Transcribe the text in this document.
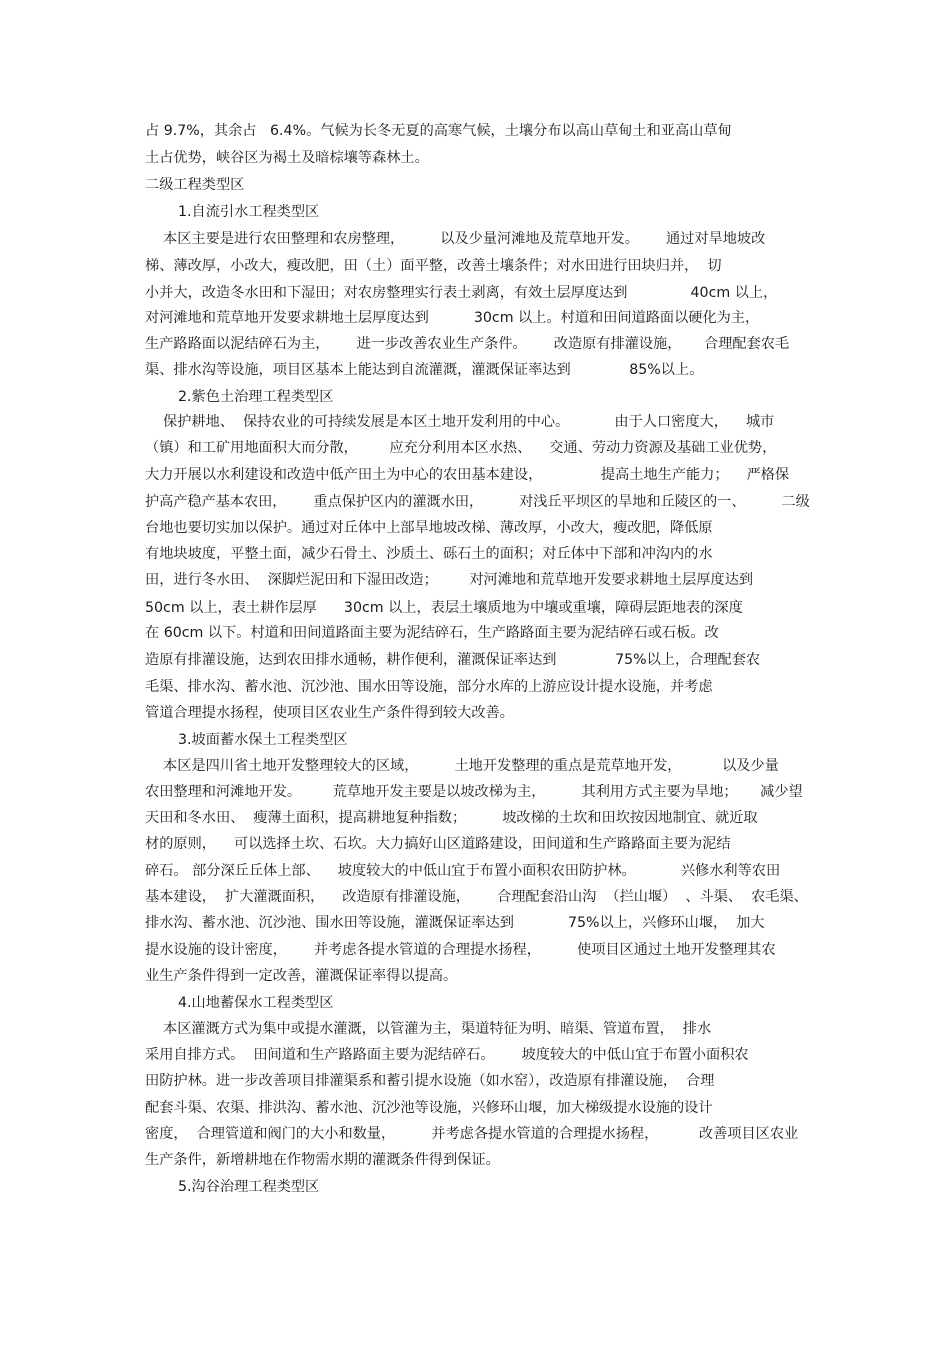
占 9.7%，其余占   6.4%。气候为长冬无夏的高寒气候，土壤分布以高山草甸土和亚高山草甸
土占优势，峡谷区为褐土及暗棕壤等森林土。
二级工程类型区
1.自流引水工程类型区
本区主要是进行农田整理和农房整理，        以及少量河滩地及荒草地开发。      通过对旱地坡改
梯、薄改厚，小改大，瘦改肥，田（土）面平整，改善土壤条件；对水田进行田块归并，  切
小并大，改造冬水田和下湿田；对农房整理实行表土剥离，有效土层厚度达到              40cm 以上，
对河滩地和荒草地开发要求耕地土层厚度达到          30cm 以上。村道和田间道路面以硬化为主，
生产路路面以泥结碎石为主，      进一步改善农业生产条件。      改造原有排灌设施，     合理配套农毛
渠、排水沟等设施，项目区基本上能达到自流灌溉，灌溉保证率达到             85%以上。
2.紫色土治理工程类型区
保护耕地、  保持农业的可持续发展是本区土地开发利用的中心。          由于人口密度大，    城市
（镇）和工矿用地面积大而分散，       应充分利用本区水热、    交通、劳动力资源及基础工业优势，
大力开展以水利建设和改造中低产田土为中心的农田基本建设，             提高土地生产能力；    严格保
护高产稳产基本农田，      重点保护区内的灌溉水田，        对浅丘平坝区的旱地和丘陵区的一、        二级
台地也要切实加以保护。通过对丘体中上部旱地坡改梯、薄改厚，小改大，瘦改肥，降低原
有地块坡度，平整土面，减少石骨土、沙质土、砾石土的面积；对丘体中下部和冲沟内的水
田，进行冬水田、  深脚烂泥田和下湿田改造；       对河滩地和荒草地开发要求耕地土层厚度达到
50cm 以上，表土耕作层厚      30cm 以上，表层土壤质地为中壤或重壤，障碍层距地表的深度
在 60cm 以下。村道和田间道路面主要为泥结碎石，生产路路面主要为泥结碎石或石板。改
造原有排灌设施，达到农田排水通畅，耕作便利，灌溉保证率达到             75%以上，合理配套农
毛渠、排水沟、蓄水池、沉沙池、围水田等设施，部分水库的上游应设计提水设施，并考虑
管道合理提水扬程，使项目区农业生产条件得到较大改善。
3.坡面蓄水保土工程类型区
本区是四川省土地开发整理较大的区域，        土地开发整理的重点是荒草地开发，         以及少量
农田整理和河滩地开发。       荒草地开发主要是以坡改梯为主，        其利用方式主要为旱地；     减少望
天田和冬水田、  瘦薄土面积，提高耕地复种指数；        坡改梯的土坎和田坎按因地制宜、就近取
材的原则，    可以选择土坎、石坎。大力搞好山区道路建设，田间道和生产路路面主要为泥结
碎石。 部分深丘丘体上部、    坡度较大的中低山宜于布置小面积农田防护林。          兴修水利等农田
基本建设，  扩大灌溉面积，    改造原有排灌设施，      合理配套沿山沟  （拦山堰）  、斗渠、  农毛渠、
排水沟、蓄水池、沉沙池、围水田等设施，灌溉保证率达到            75%以上，兴修环山堰，  加大
提水设施的设计密度，      并考虑各提水管道的合理提水扬程，        使项目区通过土地开发整理其农
业生产条件得到一定改善，灌溉保证率得以提高。
4.山地蓄保水工程类型区
本区灌溉方式为集中或提水灌溉，以管灌为主，渠道特征为明、暗渠、管道布置，  排水
采用自排方式。  田间道和生产路路面主要为泥结碎石。      坡度较大的中低山宜于布置小面积农
田防护林。进一步改善项目排灌渠系和蓄引提水设施（如水窑），改造原有排灌设施，  合理
配套斗渠、农渠、排洪沟、蓄水池、沉沙池等设施，兴修环山堰，加大梯级提水设施的设计
密度，  合理管道和阀门的大小和数量，        并考虑各提水管道的合理提水扬程，         改善项目区农业
生产条件，新增耕地在作物需水期的灌溉条件得到保证。
5.沟谷治理工程类型区
